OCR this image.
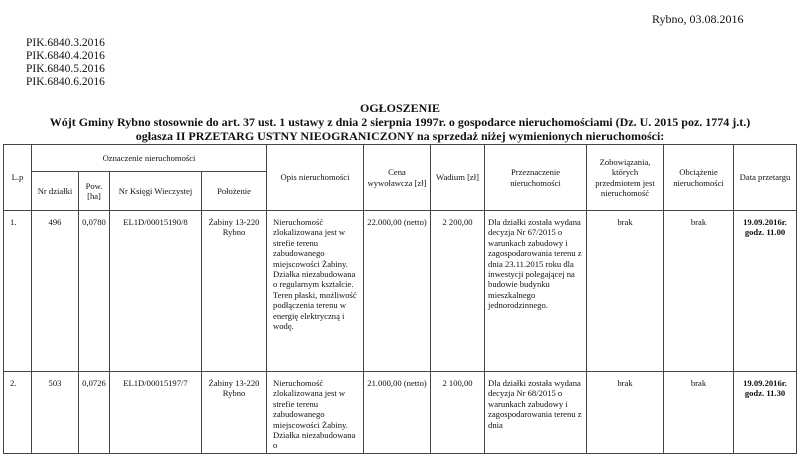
Rybno, 03.08.2016
PIK.6840.3.2016
PIK.6840.4.2016
PIK.6840.5.2016
PIK.6840.6.2016
OGŁOSZENIE
Wójt Gminy Rybno stosownie do art. 37 ust. 1 ustawy z dnia 2 sierpnia 1997r. o gospodarce nieruchomościami (Dz. U. 2015 poz. 1774 j.t.)
ogłasza II PRZETARG USTNY NIEOGRANICZONY na sprzedaż niżej wymienionych nieruchomości:
L.p	Oznaczenie nieruchomości				Opis nieruchomości	Cena wywoławcza [zł]	Wadium [zł]	Przeznaczenie nieruchomości	Zobowiązania, których przedmiotem jest nieruchomość	Obciążenie nieruchomości	Data przetargu
	Nr działki	Pow. [ha]	Nr Księgi Wieczystej	Położenie							
1.	496	0,0780	EL1D/00015190/8	Żabiny 13-220 Rybno	Nieruchomość zlokalizowana jest w strefie terenu zabudowanego miejscowości Żabiny. Działka niezabudowana o regularnym kształcie. Teren płaski, możliwość podłączenia terenu w energię elektryczną i wodę.	22.000,00 (netto)	2 200,00	Dla działki została wydana decyzja Nr 67/2015 o warunkach zabudowy i zagospodarowania terenu z dnia 23.11.2015 roku dla inwestycji polegającej na budowie budynku mieszkalnego jednorodzinnego.	brak	brak	19.09.2016r. godz. 11.00
2.	503	0,0726	EL1D/00015197/7	Żabiny 13-220 Rybno	Nieruchomość zlokalizowana jest w strefie terenu zabudowanego miejscowości Żabiny. Działka niezabudowana o	21.000,00 (netto)	2 100,00	Dla działki została wydana decyzja Nr 68/2015 o warunkach zabudowy i zagospodarowania terenu z dnia	brak	brak	19.09.2016r. godz. 11.30
